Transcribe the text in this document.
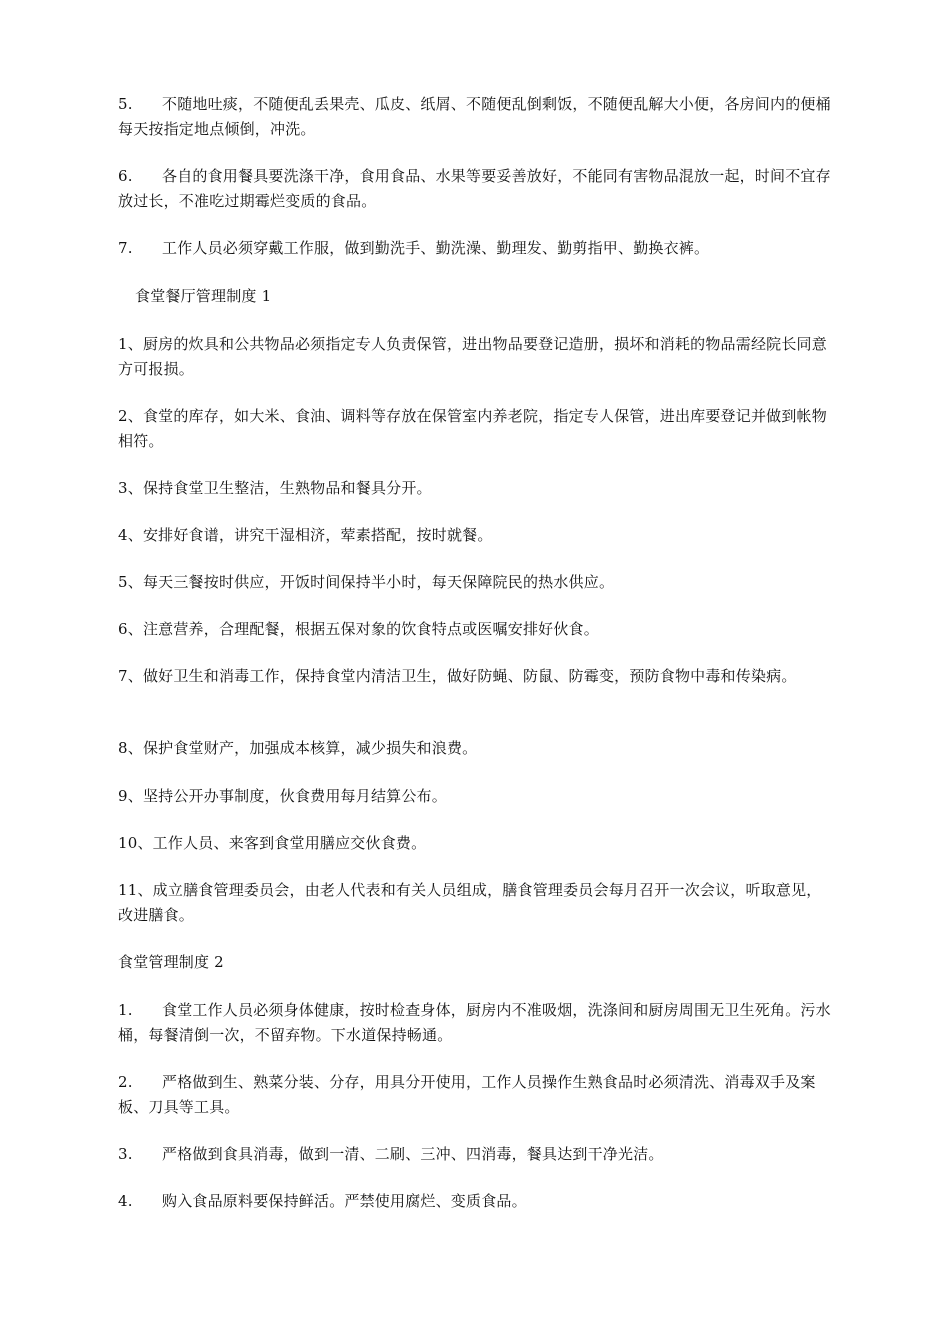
5. 不随地吐痰，不随便乱丢果壳、瓜皮、纸屑、不随便乱倒剩饭，不随便乱解大小便，各房间内的便桶每天按指定地点倾倒，冲洗。

6. 各自的食用餐具要洗涤干净，食用食品、水果等要妥善放好，不能同有害物品混放一起，时间不宜存放过长，不准吃过期霉烂变质的食品。

7. 工作人员必须穿戴工作服，做到勤洗手、勤洗澡、勤理发、勤剪指甲、勤换衣裤。

食堂餐厅管理制度 1

1、厨房的炊具和公共物品必须指定专人负责保管，进出物品要登记造册，损坏和消耗的物品需经院长同意方可报损。

2、食堂的库存，如大米、食油、调料等存放在保管室内养老院，指定专人保管，进出库要登记并做到帐物相符。

3、保持食堂卫生整洁，生熟物品和餐具分开。

4、安排好食谱，讲究干湿相济，荤素搭配，按时就餐。

5、每天三餐按时供应，开饭时间保持半小时，每天保障院民的热水供应。

6、注意营养，合理配餐，根据五保对象的饮食特点或医嘱安排好伙食。

7、做好卫生和消毒工作，保持食堂内清洁卫生，做好防蝇、防鼠、防霉变，预防食物中毒和传染病。

8、保护食堂财产，加强成本核算，减少损失和浪费。

9、坚持公开办事制度，伙食费用每月结算公布。

10、工作人员、来客到食堂用膳应交伙食费。

11、成立膳食管理委员会，由老人代表和有关人员组成，膳食管理委员会每月召开一次会议，听取意见，改进膳食。

食堂管理制度 2

1. 食堂工作人员必须身体健康，按时检查身体，厨房内不准吸烟，洗涤间和厨房周围无卫生死角。污水桶，每餐清倒一次，不留弃物。下水道保持畅通。

2. 严格做到生、熟菜分装、分存，用具分开使用，工作人员操作生熟食品时必须清洗、消毒双手及案板、刀具等工具。

3. 严格做到食具消毒，做到一清、二刷、三冲、四消毒，餐具达到干净光洁。

4. 购入食品原料要保持鲜活。严禁使用腐烂、变质食品。
